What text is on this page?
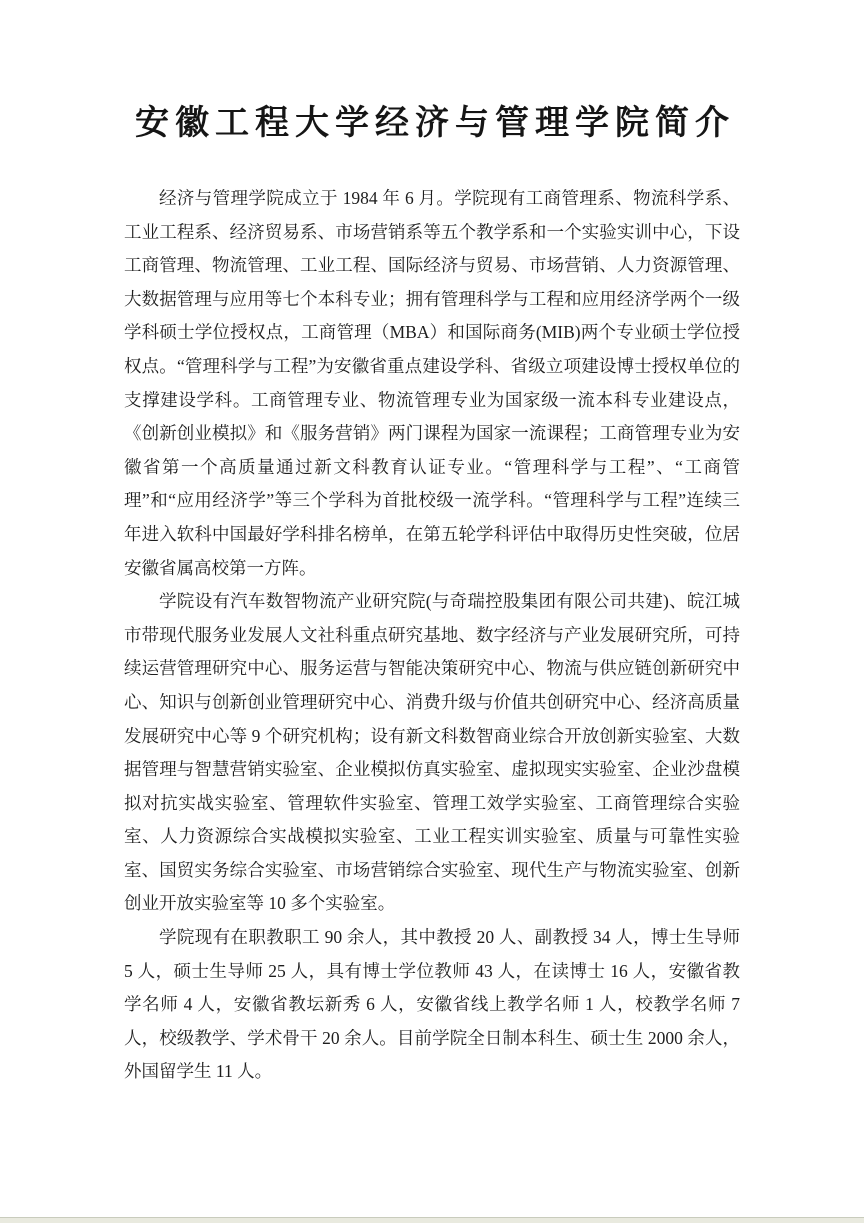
安徽工程大学经济与管理学院简介

经济与管理学院成立于 1984 年 6 月。学院现有工商管理系、物流科学系、工业工程系、经济贸易系、市场营销系等五个教学系和一个实验实训中心，下设工商管理、物流管理、工业工程、国际经济与贸易、市场营销、人力资源管理、大数据管理与应用等七个本科专业；拥有管理科学与工程和应用经济学两个一级学科硕士学位授权点，工商管理（MBA）和国际商务(MIB)两个专业硕士学位授权点。“管理科学与工程”为安徽省重点建设学科、省级立项建设博士授权单位的支撑建设学科。工商管理专业、物流管理专业为国家级一流本科专业建设点，《创新创业模拟》和《服务营销》两门课程为国家一流课程；工商管理专业为安徽省第一个高质量通过新文科教育认证专业。“管理科学与工程”、“工商管理”和“应用经济学”等三个学科为首批校级一流学科。“管理科学与工程”连续三年进入软科中国最好学科排名榜单，在第五轮学科评估中取得历史性突破，位居安徽省属高校第一方阵。

学院设有汽车数智物流产业研究院(与奇瑞控股集团有限公司共建)、皖江城市带现代服务业发展人文社科重点研究基地、数字经济与产业发展研究所，可持续运营管理研究中心、服务运营与智能决策研究中心、物流与供应链创新研究中心、知识与创新创业管理研究中心、消费升级与价值共创研究中心、经济高质量发展研究中心等 9 个研究机构；设有新文科数智商业综合开放创新实验室、大数据管理与智慧营销实验室、企业模拟仿真实验室、虚拟现实实验室、企业沙盘模拟对抗实战实验室、管理软件实验室、管理工效学实验室、工商管理综合实验室、人力资源综合实战模拟实验室、工业工程实训实验室、质量与可靠性实验室、国贸实务综合实验室、市场营销综合实验室、现代生产与物流实验室、创新创业开放实验室等 10 多个实验室。

学院现有在职教职工 90 余人，其中教授 20 人、副教授 34 人，博士生导师 5 人，硕士生导师 25 人，具有博士学位教师 43 人，在读博士 16 人，安徽省教学名师 4 人，安徽省教坛新秀 6 人，安徽省线上教学名师 1 人，校教学名师 7 人，校级教学、学术骨干 20 余人。目前学院全日制本科生、硕士生 2000 余人，外国留学生 11 人。
